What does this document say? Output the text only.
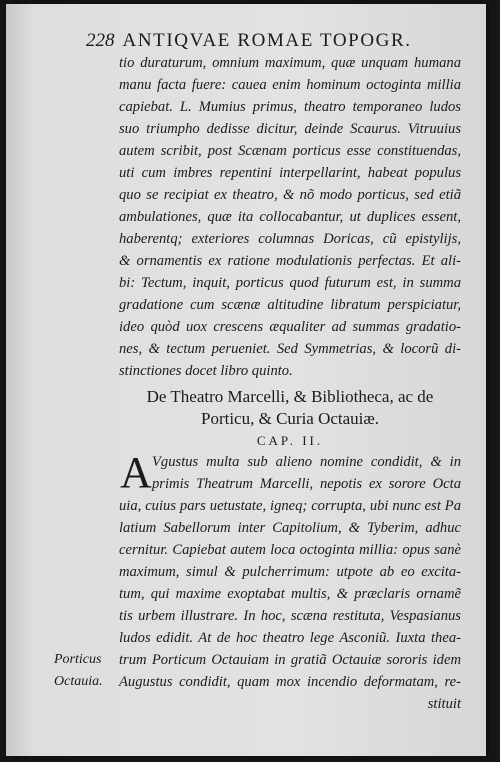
228 ANTIQVAE ROMAE TOPOGR.
tio duraturum, omnium maximum, quæ unquam humana
manu facta fuere: cauea enim hominum octoginta millia
capiebat. L. Mumius primus, theatro temporaneo ludos
suo triumpho dedisse dicitur, deinde Scaurus. Vitruuius
autem scribit, post Scænam porticus esse constituendas,
uti cum imbres repentini interpellarint, habeat populus
quo se recipiat ex theatro, & nõ modo porticus, sed etiã
ambulationes, quæ ita collocabantur, ut duplices essent,
haberentq; exteriores columnas Doricas, cũ epistylijs,
& ornamentis ex ratione modulationis perfectas. Et ali-
bi: Tectum, inquit, porticus quod futurum est, in summa
gradatione cum scænæ altitudine libratum perspiciatur,
ideo quòd uox crescens æqualiter ad summas gradatio-
nes, & tectum perueniet. Sed Symmetrias, & locorũ di-
stinctiones docet libro quinto.
De Theatro Marcelli, & Bibliotheca, ac de
Porticu, & Curia Octauiæ.
CAP. II.
A Vgustus multa sub alieno nomine condidit, & in
primis Theatrum Marcelli, nepotis ex sorore Octa
uia, cuius pars uetustate, igneq; corrupta, ubi nunc est Pa
latium Sabellorum inter Capitolium, & Tyberim, adhuc
cernitur. Capiebat autem loca octoginta millia: opus sanè
maximum, simul & pulcherrimum: utpote ab eo excita-
tum, qui maxime exoptabat multis, & præclaris ornamẽ
tis urbem illustrare. In hoc, scæna restituta, Vespasianus
ludos edidit. At de hoc theatro lege Asconiũ. Iuxta thea-
trum Porticum Octauiam in gratiã Octauiæ sororis idem
Augustus condidit, quam mox incendio deformatam, re-
stituit
Porticus
Octauia.
